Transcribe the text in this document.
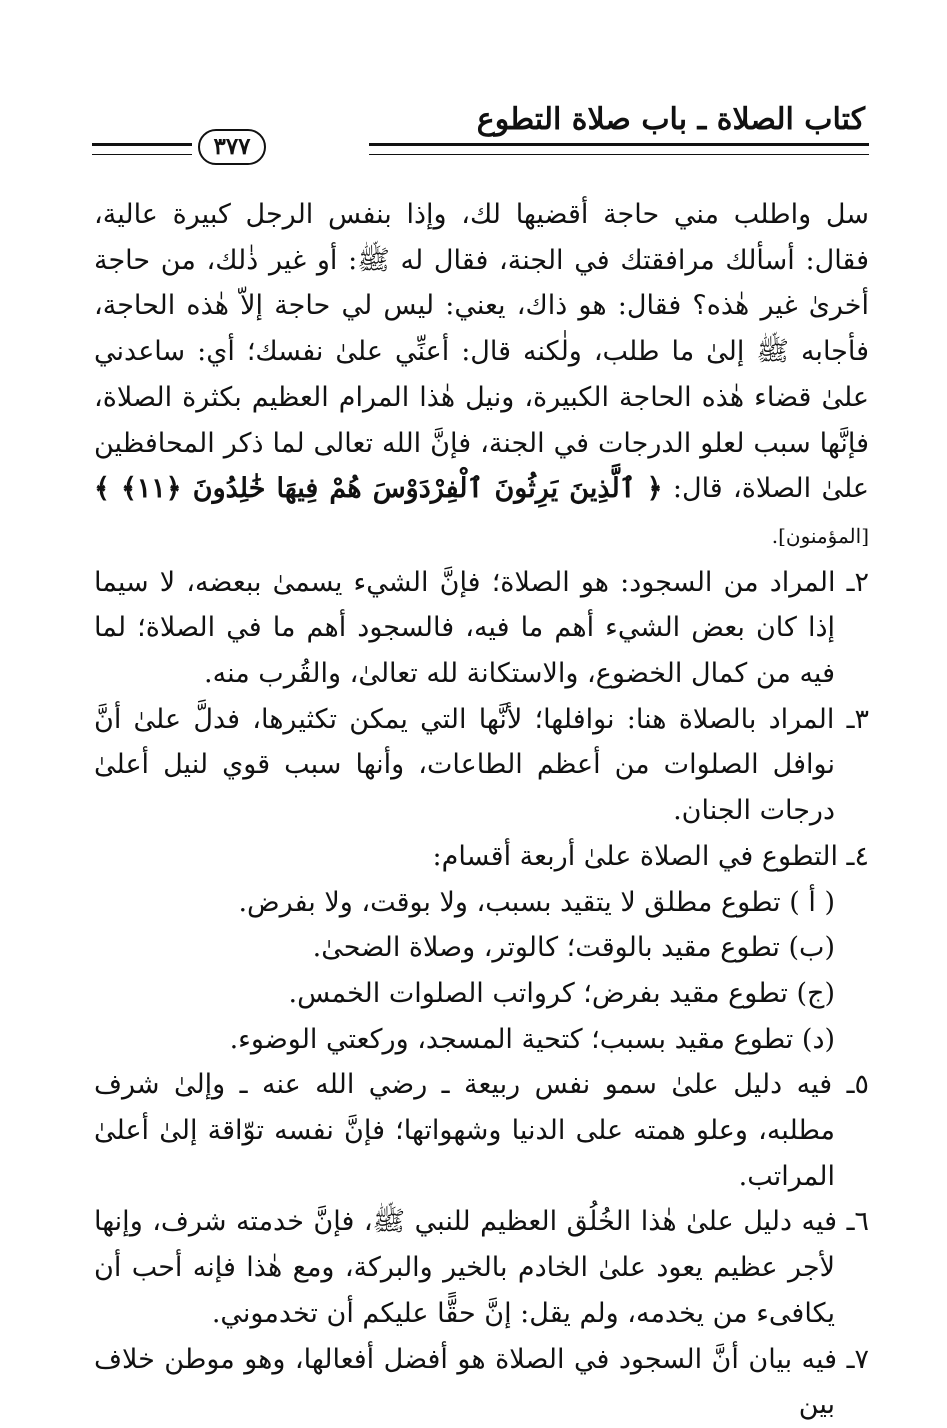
كتاب الصلاة ـ باب صلاة التطوع
٣٧٧

سل واطلب مني حاجة أقضيها لك، وإذا بنفس الرجل كبيرة عالية، فقال: أسألك مرافقتك في الجنة، فقال له ﷺ: أو غير ذٰلك، من حاجة أخرىٰ غير هٰذه؟ فقال: هو ذاك، يعني: ليس لي حاجة إلاّ هٰذه الحاجة، فأجابه ﷺ إلىٰ ما طلب، ولٰكنه قال: أعنِّي علىٰ نفسك؛ أي: ساعدني علىٰ قضاء هٰذه الحاجة الكبيرة، ونيل هٰذا المرام العظيم بكثرة الصلاة، فإنَّها سبب لعلو الدرجات في الجنة، فإنَّ الله تعالى لما ذكر المحافظين علىٰ الصلاة، قال: ﴿ ٱلَّذِينَ يَرِثُونَ ٱلْفِرْدَوْسَ هُمْ فِيهَا خَٰلِدُونَ ﴿١١﴾ ﴾ [المؤمنون].

٢ـ المراد من السجود: هو الصلاة؛ فإنَّ الشيء يسمىٰ ببعضه، لا سيما إذا كان بعض الشيء أهم ما فيه، فالسجود أهم ما في الصلاة؛ لما فيه من كمال الخضوع، والاستكانة لله تعالىٰ، والقُرب منه.

٣ـ المراد بالصلاة هنا: نوافلها؛ لأنَّها التي يمكن تكثيرها، فدلَّ علىٰ أنَّ نوافل الصلوات من أعظم الطاعات، وأنها سبب قوي لنيل أعلىٰ درجات الجنان.

٤ـ التطوع في الصلاة علىٰ أربعة أقسام:

( أ ) تطوع مطلق لا يتقيد بسبب، ولا بوقت، ولا بفرض.

(ب) تطوع مقيد بالوقت؛ كالوتر، وصلاة الضحىٰ.

(ج) تطوع مقيد بفرض؛ كرواتب الصلوات الخمس.

(د) تطوع مقيد بسبب؛ كتحية المسجد، وركعتي الوضوء.

٥ـ فيه دليل علىٰ سمو نفس ربيعة ـ رضي الله عنه ـ وإلىٰ شرف مطلبه، وعلو همته على الدنيا وشهواتها؛ فإنَّ نفسه توّاقة إلىٰ أعلىٰ المراتب.

٦ـ فيه دليل علىٰ هٰذا الخُلُق العظيم للنبي ﷺ، فإنَّ خدمته شرف، وإنها لأجر عظيم يعود علىٰ الخادم بالخير والبركة، ومع هٰذا فإنه أحب أن يكافىء من يخدمه، ولم يقل: إنَّ حقًّا عليكم أن تخدموني.

٧ـ فيه بيان أنَّ السجود في الصلاة هو أفضل أفعالها، وهو موطن خلاف بين
